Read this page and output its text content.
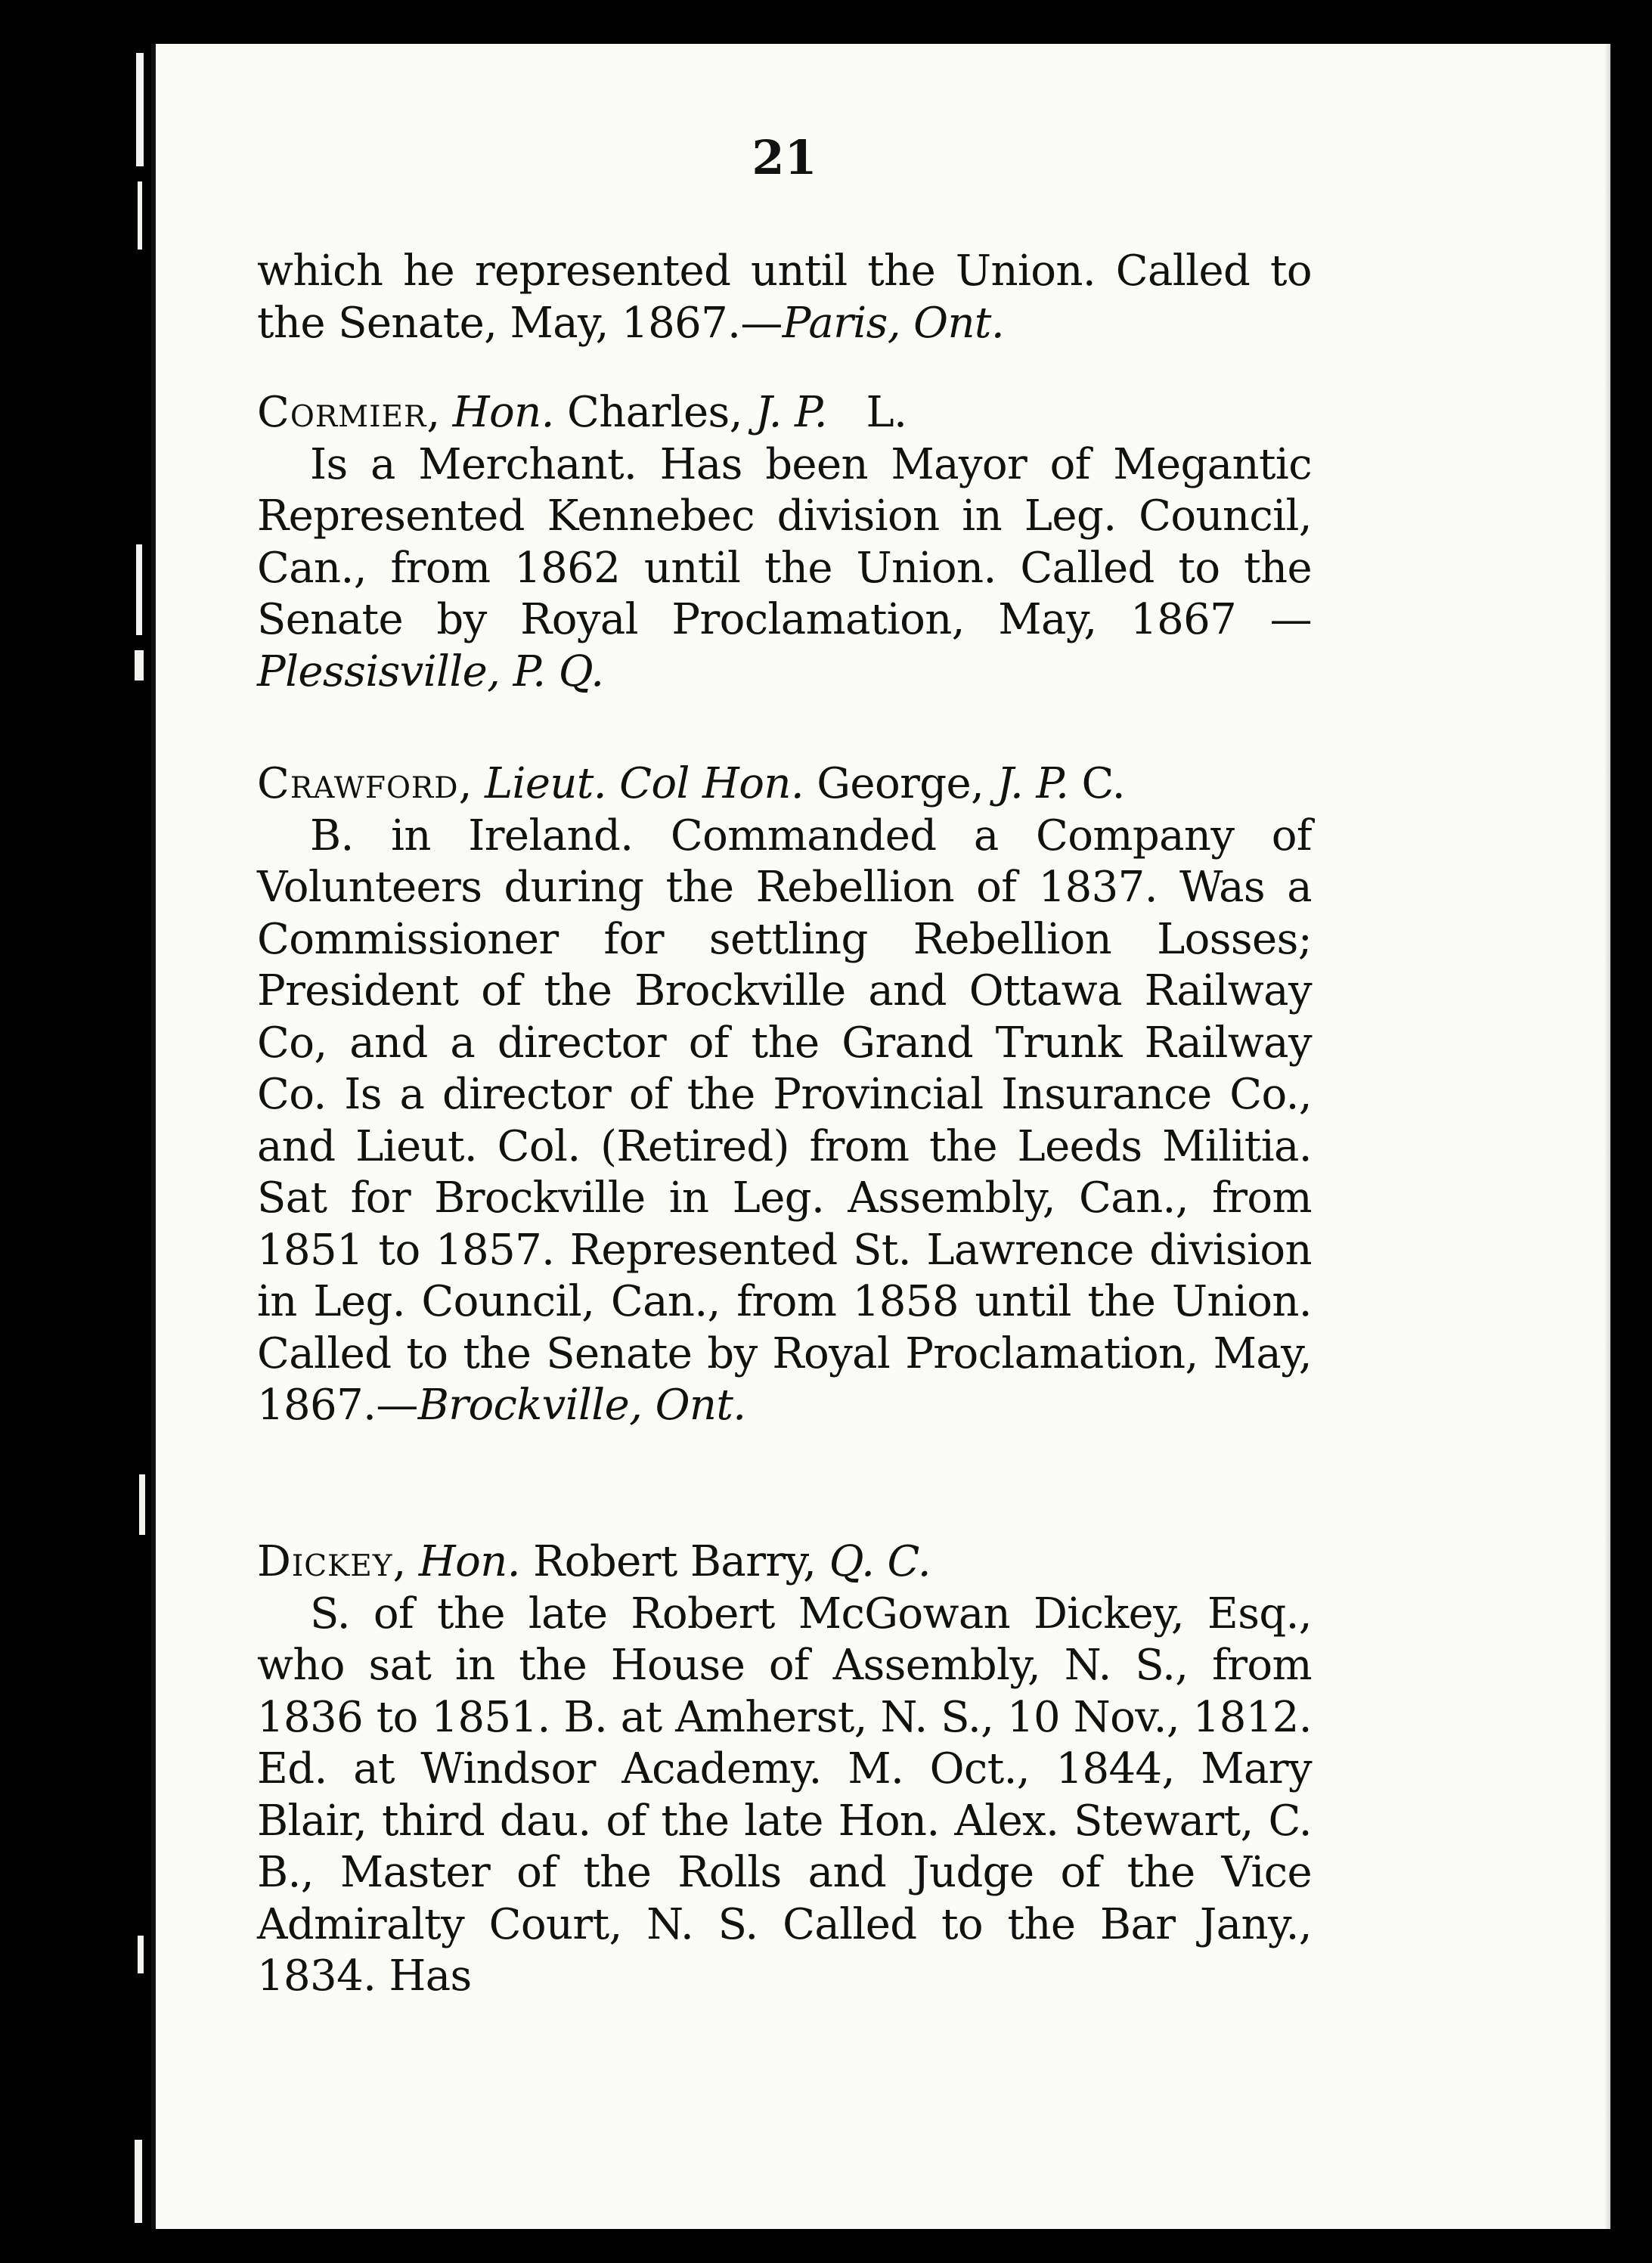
21

which he represented until the Union. Called to the Senate, May, 1867.—Paris, Ont.

Cormier, Hon. Charles, J. P. L.

Is a Merchant. Has been Mayor of Megantic Represented Kennebec division in Leg. Council, Can., from 1862 until the Union. Called to the Senate by Royal Proclamation, May, 1867 —Plessisville, P. Q.

Crawford, Lieut. Col Hon. George, J. P. C.

B. in Ireland. Commanded a Company of Volunteers during the Rebellion of 1837. Was a Commissioner for settling Rebellion Losses; President of the Brockville and Ottawa Railway Co, and a director of the Grand Trunk Railway Co. Is a director of the Provincial Insurance Co., and Lieut. Col. (Retired) from the Leeds Militia. Sat for Brockville in Leg. Assembly, Can., from 1851 to 1857. Represented St. Lawrence division in Leg. Council, Can., from 1858 until the Union. Called to the Senate by Royal Proclamation, May, 1867.—Brockville, Ont.

Dickey, Hon. Robert Barry, Q. C.

S. of the late Robert McGowan Dickey, Esq., who sat in the House of Assembly, N. S., from 1836 to 1851. B. at Amherst, N. S., 10 Nov., 1812. Ed. at Windsor Academy. M. Oct., 1844, Mary Blair, third dau. of the late Hon. Alex. Stewart, C. B., Master of the Rolls and Judge of the Vice Admiralty Court, N. S. Called to the Bar Jany., 1834. Has
